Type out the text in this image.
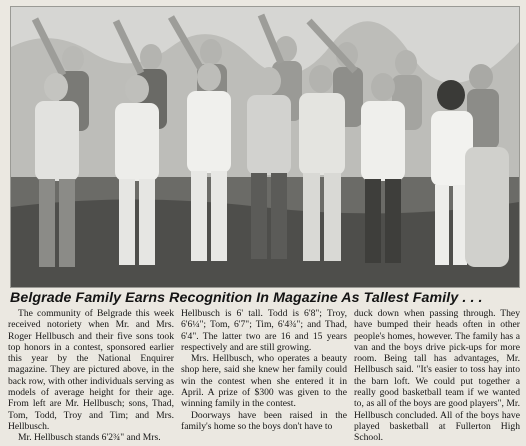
Belgrade Family Earns Recognition In Magazine As Tallest Family . . .

The community of Belgrade this week received notoriety when Mr. and Mrs. Roger Hellbusch and their five sons took top honors in a contest, sponsored earlier this year by the National Enquirer magazine. They are pictured above, in the back row, with other individuals serving as models of average height for their age. From left are Mr. Hellbusch; sons, Thad, Tom, Todd, Troy and Tim; and Mrs. Hellbusch.

Mr. Hellbusch stands 6'2¾" and Mrs.

Hellbusch is 6' tall. Todd is 6'8"; Troy, 6'6¼"; Tom, 6'7"; Tim, 6'4¾"; and Thad, 6'4". The latter two are 16 and 15 years respectively and are still growing.

Mrs. Hellbusch, who operates a beauty shop here, said she knew her family could win the contest when she entered it in April. A prize of $300 was given to the winning family in the contest.

Doorways have been raised in the family's home so the boys don't have to

duck down when passing through. They have bumped their heads often in other people's homes, however. The family has a van and the boys drive pick-ups for more room. Being tall has advantages, Mr. Hellbusch said. "It's easier to toss hay into the barn loft. We could put together a really good basketball team if we wanted to, as all of the boys are good players", Mr. Hellbusch concluded. All of the boys have played basketball at Fullerton High School.
